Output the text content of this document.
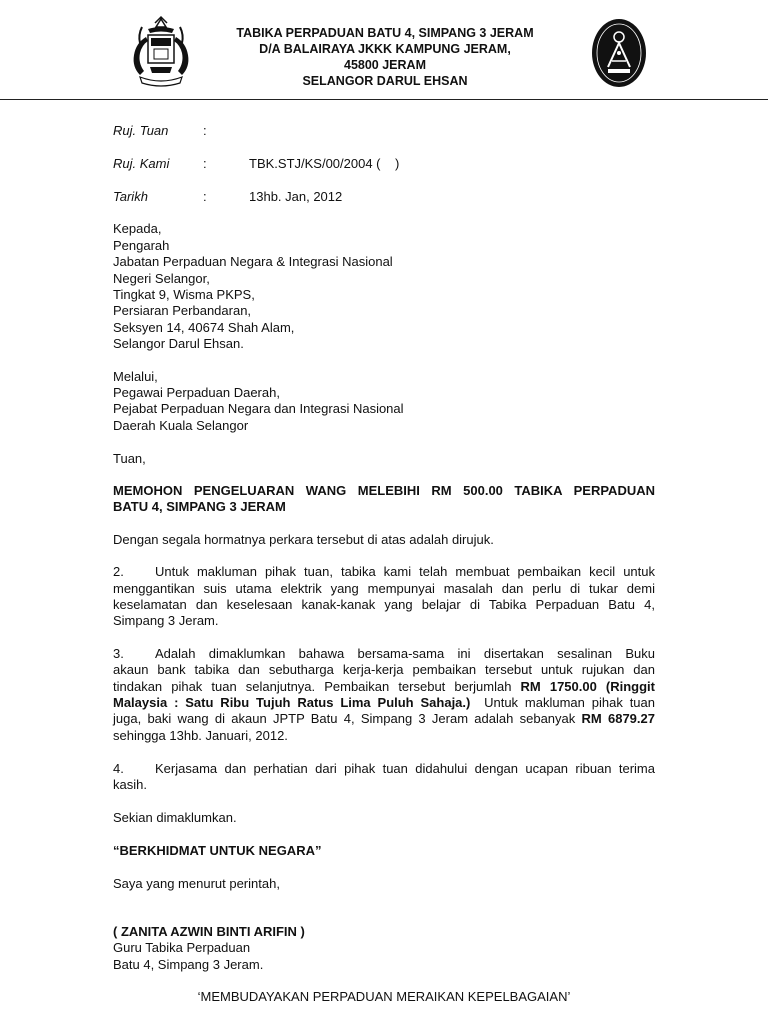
TABIKA PERPADUAN BATU 4, SIMPANG 3 JERAM
D/A BALAIRAYA JKKK KAMPUNG JERAM,
45800 JERAM
SELANGOR DARUL EHSAN
Ruj. Tuan	:
Ruj. Kami	:	TBK.STJ/KS/00/2004 (    )
Tarikh	:	13hb. Jan, 2012
Kepada,
Pengarah
Jabatan Perpaduan Negara & Integrasi Nasional
Negeri Selangor,
Tingkat 9, Wisma PKPS,
Persiaran Perbandaran,
Seksyen 14, 40674 Shah Alam,
Selangor Darul Ehsan.
Melalui,
Pegawai Perpaduan Daerah,
Pejabat Perpaduan Negara dan Integrasi Nasional
Daerah Kuala Selangor
Tuan,
MEMOHON PENGELUARAN WANG MELEBIHI RM 500.00 TABIKA PERPADUAN
BATU 4, SIMPANG 3 JERAM
Dengan segala hormatnya perkara tersebut di atas adalah dirujuk.
2. Untuk makluman pihak tuan, tabika kami telah membuat pembaikan kecil untuk
menggantikan suis utama elektrik yang mempunyai masalah dan perlu di tukar demi
keselamatan dan keselesaan kanak-kanak yang belajar di Tabika Perpaduan Batu 4,
Simpang 3 Jeram.
3. Adalah dimaklumkan bahawa bersama-sama ini disertakan sesalinan Buku
akaun bank tabika dan sebutharga kerja-kerja pembaikan tersebut untuk rujukan dan
tindakan pihak tuan selanjutnya. Pembaikan tersebut berjumlah RM 1750.00 (Ringgit
Malaysia : Satu Ribu Tujuh Ratus Lima Puluh Sahaja.)  Untuk makluman pihak tuan
juga, baki wang di akaun JPTP Batu 4, Simpang 3 Jeram adalah sebanyak RM 6879.27
sehingga 13hb. Januari, 2012.
4. Kerjasama dan perhatian dari pihak tuan didahului dengan ucapan ribuan terima
kasih.
Sekian dimaklumkan.
“BERKHIDMAT UNTUK NEGARA”
Saya yang menurut perintah,
( ZANITA AZWIN BINTI ARIFIN )
Guru Tabika Perpaduan
Batu 4, Simpang 3 Jeram.
‘MEMBUDAYAKAN PERPADUAN MERAIKAN KEPELBAGAIAN’
